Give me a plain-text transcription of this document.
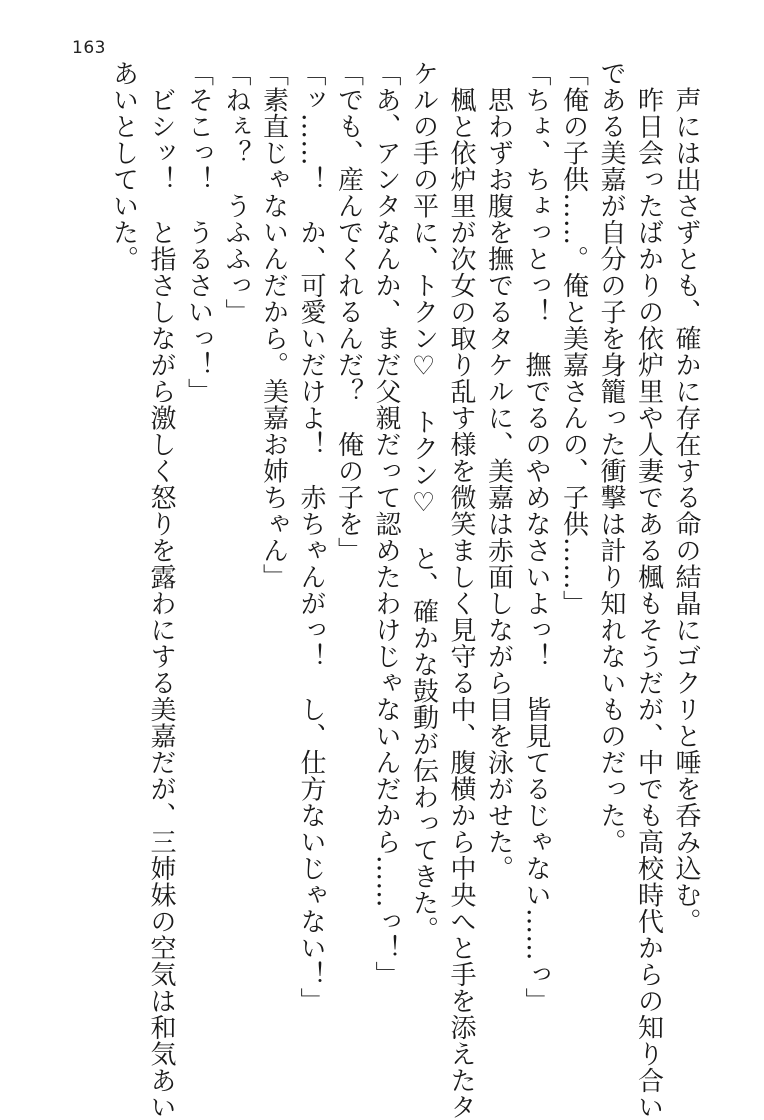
163
　声には出さずとも、確かに存在する命の結晶にゴクリと唾を呑み込む。
　昨日会ったばかりの依炉里や人妻である楓もそうだが、中でも高校時代からの知り合い
である美嘉が自分の子を身籠った衝撃は計り知れないものだった。
「俺の子供……。俺と美嘉さんの、子供……」
「ちょ、ちょっとっ！　撫でるのやめなさいよっ！　皆見てるじゃない……っ」
　思わずお腹を撫でるタケルに、美嘉は赤面しながら目を泳がせた。
　楓と依炉里が次女の取り乱す様を微笑ましく見守る中、腹横から中央へと手を添えたタ
ケルの手の平に、トクン♡　トクン♡　と、確かな鼓動が伝わってきた。
「あ、アンタなんか、まだ父親だって認めたわけじゃないんだから……っ！」
「でも、産んでくれるんだ？　俺の子を」
「ッ……！　か、可愛いだけよ！　赤ちゃんがっ！　し、仕方ないじゃない！」
「素直じゃないんだから。美嘉お姉ちゃん」
「ねぇ？　うふふっ」
「そこっ！　うるさいっ！」
　ビシッ！　と指さしながら激しく怒りを露わにする美嘉だが、三姉妹の空気は和気あい
あいとしていた。
